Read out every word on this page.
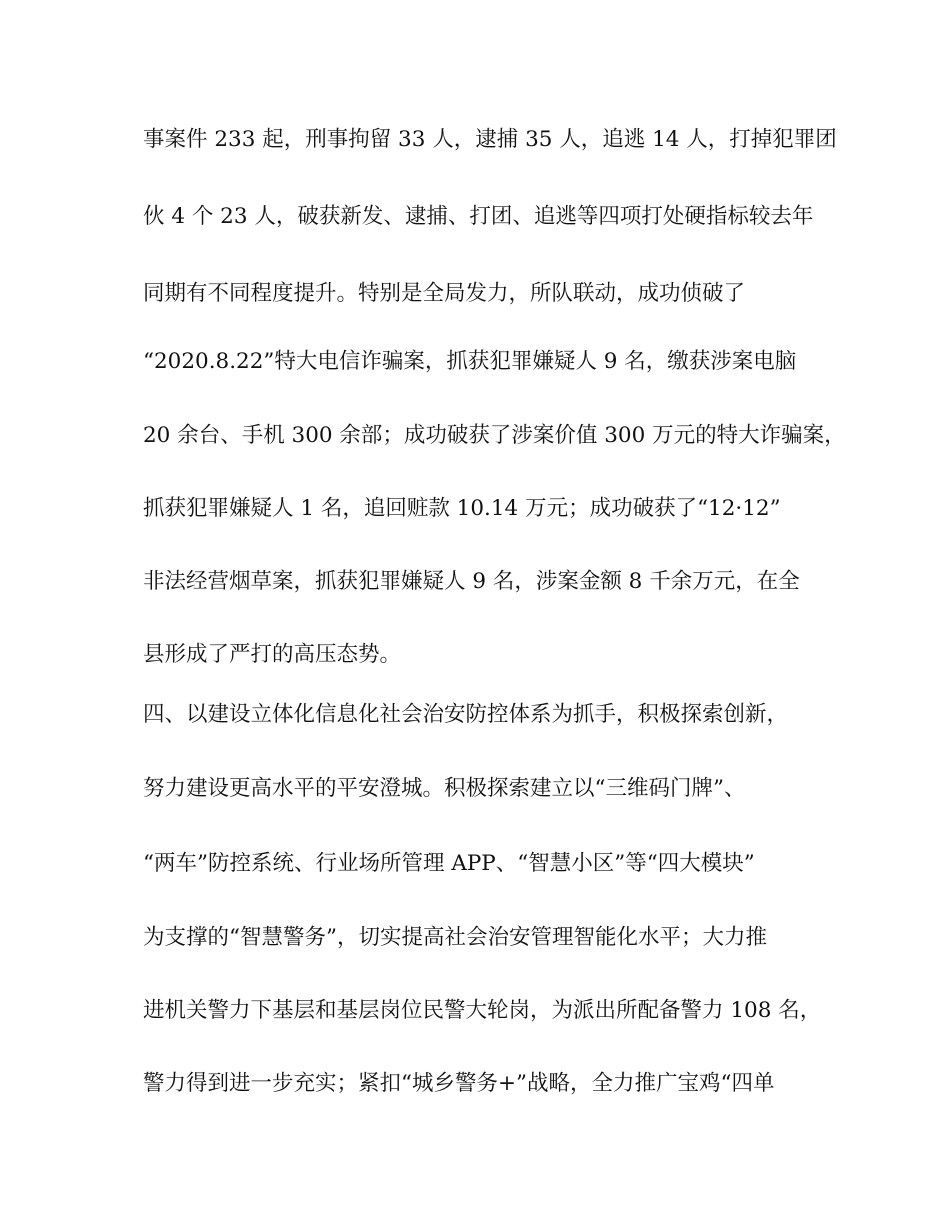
事案件 233 起，刑事拘留 33 人，逮捕 35 人，追逃 14 人，打掉犯罪团
伙 4 个 23 人，破获新发、逮捕、打团、追逃等四项打处硬指标较去年
同期有不同程度提升。特别是全局发力，所队联动，成功侦破了
“2020.8.22”特大电信诈骗案，抓获犯罪嫌疑人 9 名，缴获涉案电脑
20 余台、手机 300 余部；成功破获了涉案价值 300 万元的特大诈骗案，
抓获犯罪嫌疑人 1 名，追回赃款 10.14 万元；成功破获了“12·12”
非法经营烟草案，抓获犯罪嫌疑人 9 名，涉案金额 8 千余万元，在全
县形成了严打的高压态势。
四、以建设立体化信息化社会治安防控体系为抓手，积极探索创新，
努力建设更高水平的平安澄城。积极探索建立以“三维码门牌”、
“两车”防控系统、行业场所管理 APP、“智慧小区”等“四大模块”
为支撑的“智慧警务”，切实提高社会治安管理智能化水平；大力推
进机关警力下基层和基层岗位民警大轮岗，为派出所配备警力 108 名，
警力得到进一步充实；紧扣“城乡警务+”战略，全力推广宝鸡“四单
